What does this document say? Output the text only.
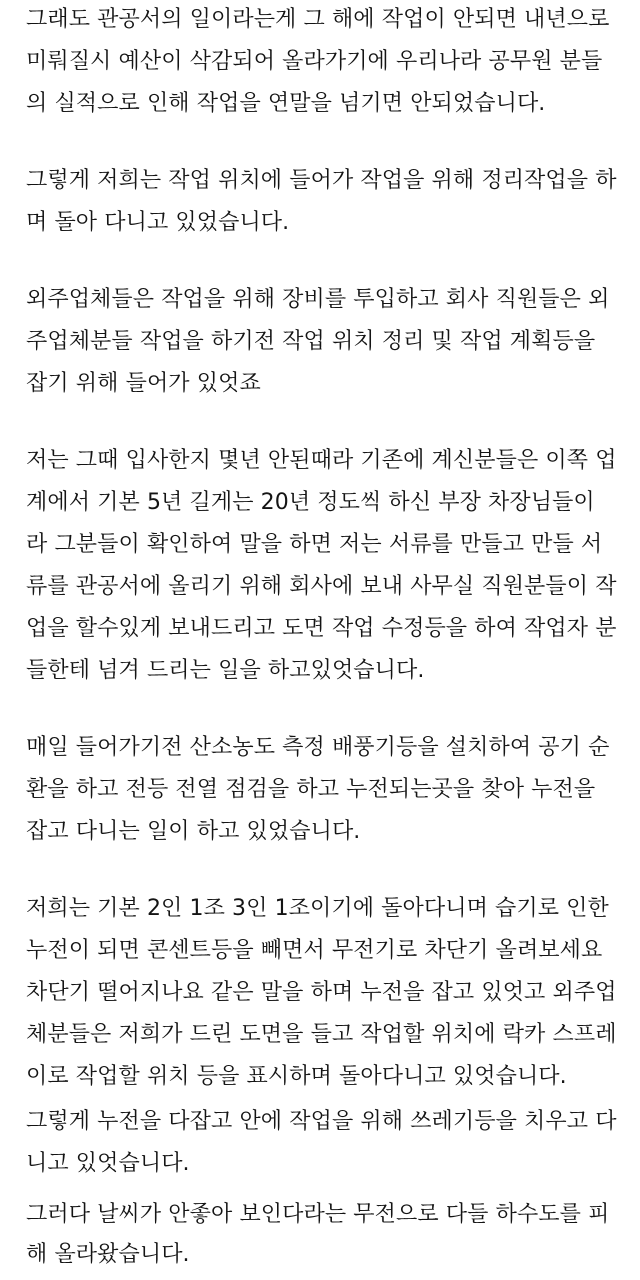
그래도 관공서의 일이라는게 그 해에 작업이 안되면 내년으로
미뤄질시 예산이 삭감되어 올라가기에 우리나라 공무원 분들
의 실적으로 인해 작업을 연말을 넘기면 안되었습니다.
그렇게 저희는 작업 위치에 들어가 작업을 위해 정리작업을 하
며 돌아 다니고 있었습니다.
외주업체들은 작업을 위해 장비를 투입하고 회사 직원들은 외
주업체분들 작업을 하기전 작업 위치 정리 및 작업 계획등을
잡기 위해 들어가 있엇죠
저는 그때 입사한지 몇년 안된때라 기존에 계신분들은 이쪽 업
계에서 기본 5년 길게는 20년 정도씩 하신 부장 차장님들이
라 그분들이 확인하여 말을 하면 저는 서류를 만들고 만들 서
류를 관공서에 올리기 위해 회사에 보내 사무실 직원분들이 작
업을 할수있게 보내드리고 도면 작업 수정등을 하여 작업자 분
들한테 넘겨 드리는 일을 하고있엇습니다.
매일 들어가기전 산소농도 측정 배풍기등을 설치하여 공기 순
환을 하고 전등 전열 점검을 하고 누전되는곳을 찾아 누전을
잡고 다니는 일이 하고 있었습니다.
저희는 기본 2인 1조 3인 1조이기에 돌아다니며 습기로 인한
누전이 되면 콘센트등을 빼면서 무전기로 차단기 올려보세요
차단기 떨어지나요 같은 말을 하며 누전을 잡고 있엇고 외주업
체분들은 저희가 드린 도면을 들고 작업할 위치에 락카 스프레
이로 작업할 위치 등을 표시하며 돌아다니고 있엇습니다.
그렇게 누전을 다잡고 안에 작업을 위해 쓰레기등을 치우고 다
니고 있엇습니다.
그러다 날씨가 안좋아 보인다라는 무전으로 다들 하수도를 피
해 올라왔습니다.
